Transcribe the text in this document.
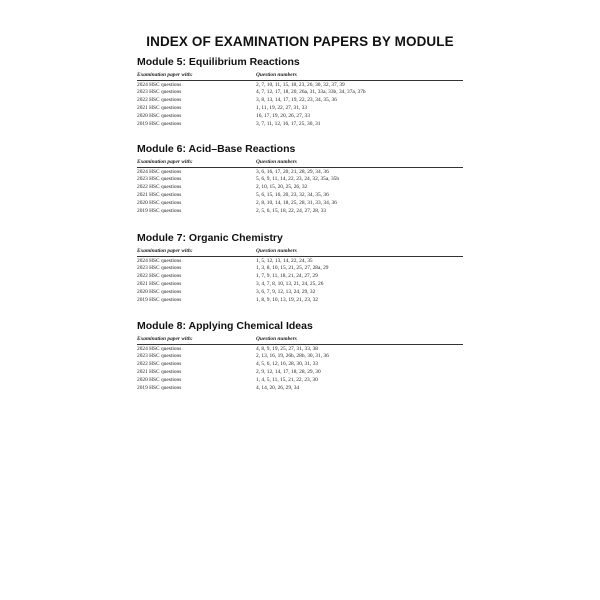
INDEX OF EXAMINATION PAPERS BY MODULE
Module 5: Equilibrium Reactions
Examination paper with:	Question numbers
2024 HSC questions	2, 7, 10, 11, 15, 18, 23, 26, 30, 32, 37, 39
2023 HSC questions	4, 7, 12, 17, 18, 20, 26a, 31, 33a, 33b, 34, 37a, 37b
2022 HSC questions	3, 8, 13, 14, 17, 19, 22, 23, 34, 35, 36
2021 HSC questions	1, 11, 19, 22, 27, 31, 33
2020 HSC questions	16, 17, 19, 20, 26, 27, 33
2019 HSC questions	3, 7, 11, 12, 16, 17, 25, 30, 31
Module 6: Acid–Base Reactions
Examination paper with:	Question numbers
2024 HSC questions	3, 6, 16, 17, 20, 21, 28, 29, 34, 36
2023 HSC questions	5, 6, 9, 11, 14, 22, 23, 24, 32, 35a, 35b
2022 HSC questions	2, 10, 15, 20, 25, 26, 32
2021 HSC questions	5, 6, 15, 16, 20, 23, 32, 34, 35, 36
2020 HSC questions	2, 8, 10, 14, 18, 25, 28, 31, 33, 34, 36
2019 HSC questions	2, 5, 6, 15, 18, 22, 24, 27, 28, 33
Module 7: Organic Chemistry
Examination paper with:	Question numbers
2024 HSC questions	1, 5, 12, 13, 14, 22, 24, 35
2023 HSC questions	1, 3, 8, 10, 15, 21, 25, 27, 28a, 29
2022 HSC questions	1, 7, 9, 11, 18, 21, 24, 27, 29
2021 HSC questions	3, 4, 7, 8, 10, 13, 21, 24, 25, 26
2020 HSC questions	3, 6, 7, 9, 12, 13, 24, 29, 32
2019 HSC questions	1, 8, 9, 10, 13, 19, 21, 23, 32
Module 8: Applying Chemical Ideas
Examination paper with:	Question numbers
2024 HSC questions	4, 8, 9, 19, 25, 27, 31, 33, 38
2023 HSC questions	2, 13, 16, 19, 26b, 28b, 30, 31, 36
2022 HSC questions	4, 5, 6, 12, 16, 28, 30, 31, 33
2021 HSC questions	2, 9, 12, 14, 17, 18, 28, 29, 30
2020 HSC questions	1, 4, 5, 11, 15, 21, 22, 23, 30
2019 HSC questions	4, 14, 20, 26, 29, 34
